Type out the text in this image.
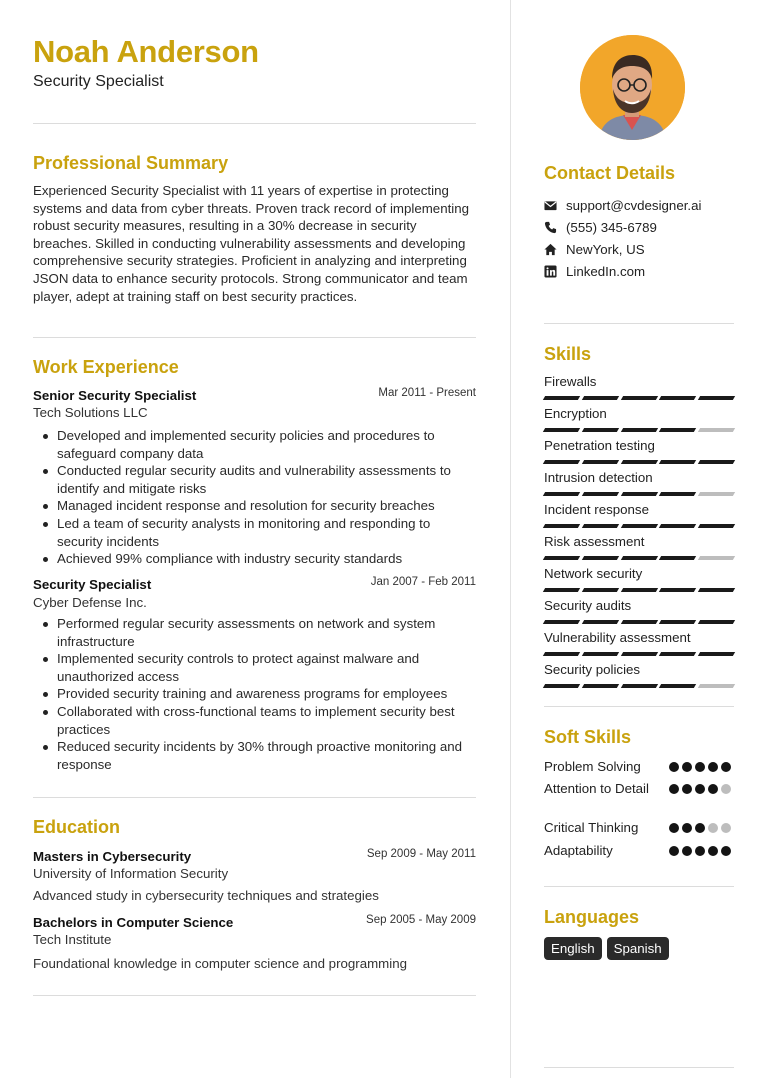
Noah Anderson
Security Specialist
Professional Summary
Experienced Security Specialist with 11 years of expertise in protecting systems and data from cyber threats. Proven track record of implementing robust security measures, resulting in a 30% decrease in security breaches. Skilled in conducting vulnerability assessments and developing comprehensive security strategies. Proficient in analyzing and interpreting JSON data to enhance security protocols. Strong communicator and team player, adept at training staff on best security practices.
Work Experience
Senior Security Specialist	Mar 2011 - Present
Tech Solutions LLC
Developed and implemented security policies and procedures to safeguard company data
Conducted regular security audits and vulnerability assessments to identify and mitigate risks
Managed incident response and resolution for security breaches
Led a team of security analysts in monitoring and responding to security incidents
Achieved 99% compliance with industry security standards
Security Specialist	Jan 2007 - Feb 2011
Cyber Defense Inc.
Performed regular security assessments on network and system infrastructure
Implemented security controls to protect against malware and unauthorized access
Provided security training and awareness programs for employees
Collaborated with cross-functional teams to implement security best practices
Reduced security incidents by 30% through proactive monitoring and response
Education
Masters in Cybersecurity	Sep 2009 - May 2011
University of Information Security
Advanced study in cybersecurity techniques and strategies
Bachelors in Computer Science	Sep 2005 - May 2009
Tech Institute
Foundational knowledge in computer science and programming
Contact Details
support@cvdesigner.ai
(555) 345-6789
NewYork, US
LinkedIn.com
Skills
Firewalls
Encryption
Penetration testing
Intrusion detection
Incident response
Risk assessment
Network security
Security audits
Vulnerability assessment
Security policies
Soft Skills
Problem Solving
Attention to Detail
Critical Thinking
Adaptability
Languages
English	Spanish
